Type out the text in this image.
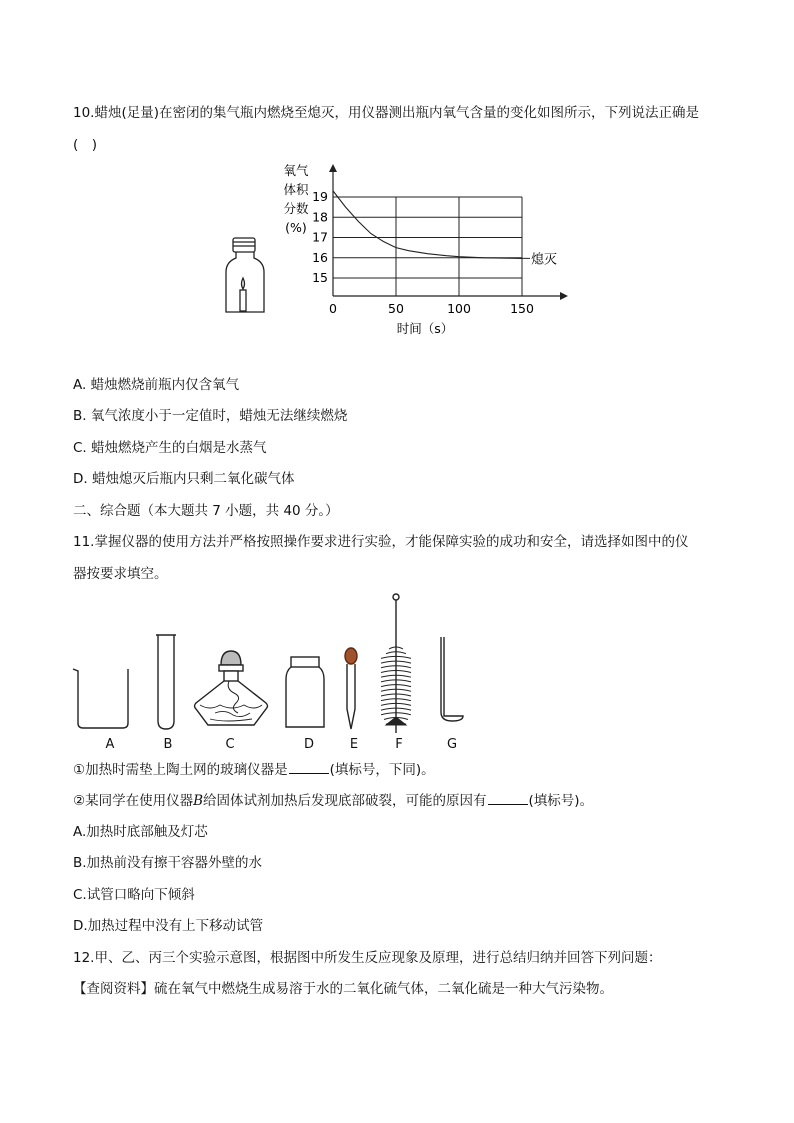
10.蜡烛(足量)在密闭的集气瓶内燃烧至熄灭，用仪器测出瓶内氧气含量的变化如图所示，下列说法正确是
(　)
15
16
17
18
19
0	50	100	150
氧气
体积
分数
(%)
时间（s）
熄灭
A. 蜡烛燃烧前瓶内仅含氧气
B. 氧气浓度小于一定值时，蜡烛无法继续燃烧
C. 蜡烛燃烧产生的白烟是水蒸气
D. 蜡烛熄灭后瓶内只剩二氧化碳气体
二、综合题（本大题共 7 小题，共 40 分。）
11.掌握仪器的使用方法并严格按照操作要求进行实验，才能保障实验的成功和安全，请选择如图中的仪
器按要求填空。
A	B	C	D	E	F	G
①加热时需垫上陶土网的玻璃仪器是	(填标号，下同)。
②某同学在使用仪器B给固体试剂加热后发现底部破裂，可能的原因有	(填标号)。
A.加热时底部触及灯芯
B.加热前没有擦干容器外壁的水
C.试管口略向下倾斜
D.加热过程中没有上下移动试管
12.甲、乙、丙三个实验示意图，根据图中所发生反应现象及原理，进行总结归纳并回答下列问题：
【查阅资料】硫在氧气中燃烧生成易溶于水的二氧化硫气体，二氧化硫是一种大气污染物。
